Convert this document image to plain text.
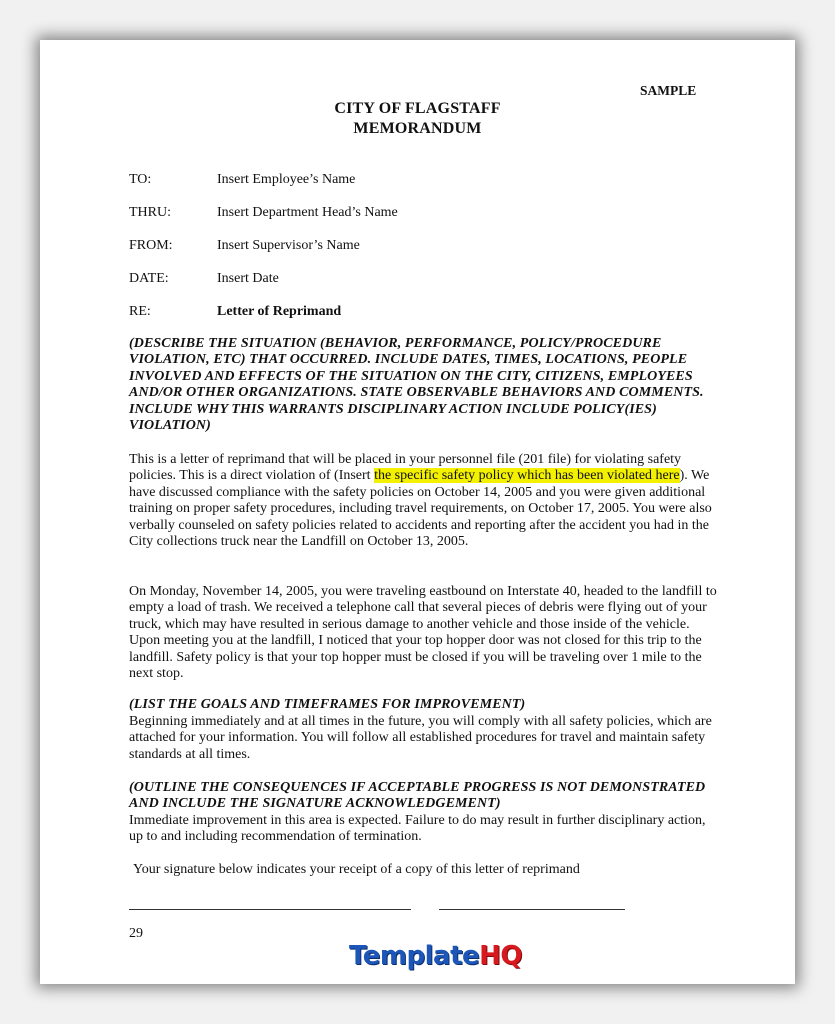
SAMPLE
CITY OF FLAGSTAFF
MEMORANDUM
TO:	Insert Employee’s Name
THRU:	Insert Department Head’s Name
FROM:	Insert Supervisor’s Name
DATE:	Insert Date
RE:	Letter of Reprimand
(DESCRIBE THE SITUATION (BEHAVIOR, PERFORMANCE, POLICY/PROCEDURE VIOLATION, ETC) THAT OCCURRED. INCLUDE DATES, TIMES, LOCATIONS, PEOPLE INVOLVED AND EFFECTS OF THE SITUATION ON THE CITY, CITIZENS, EMPLOYEES AND/OR OTHER ORGANIZATIONS. STATE OBSERVABLE BEHAVIORS AND COMMENTS. INCLUDE WHY THIS WARRANTS DISCIPLINARY ACTION INCLUDE POLICY(IES) VIOLATION)
This is a letter of reprimand that will be placed in your personnel file (201 file) for violating safety policies. This is a direct violation of (Insert the specific safety policy which has been violated here). We have discussed compliance with the safety policies on October 14, 2005 and you were given additional training on proper safety procedures, including travel requirements, on October 17, 2005. You were also verbally counseled on safety policies related to accidents and reporting after the accident you had in the City collections truck near the Landfill on October 13, 2005.
On Monday, November 14, 2005, you were traveling eastbound on Interstate 40, headed to the landfill to empty a load of trash. We received a telephone call that several pieces of debris were flying out of your truck, which may have resulted in serious damage to another vehicle and those inside of the vehicle. Upon meeting you at the landfill, I noticed that your top hopper door was not closed for this trip to the landfill. Safety policy is that your top hopper must be closed if you will be traveling over 1 mile to the next stop.
(LIST THE GOALS AND TIMEFRAMES FOR IMPROVEMENT)
Beginning immediately and at all times in the future, you will comply with all safety policies, which are attached for your information. You will follow all established procedures for travel and maintain safety standards at all times.
(OUTLINE THE CONSEQUENCES IF ACCEPTABLE PROGRESS IS NOT DEMONSTRATED AND INCLUDE THE SIGNATURE ACKNOWLEDGEMENT)
Immediate improvement in this area is expected. Failure to do may result in further disciplinary action, up to and including recommendation of termination.
Your signature below indicates your receipt of a copy of this letter of reprimand
29
TemplateHQ
